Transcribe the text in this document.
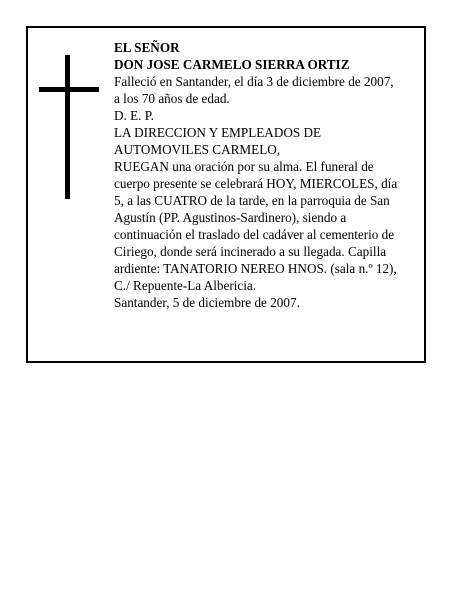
EL SEÑOR
DON JOSE CARMELO SIERRA ORTIZ
Falleció en Santander, el día 3 de diciembre de 2007,
a los 70 años de edad.
D. E. P.
LA DIRECCION Y EMPLEADOS DE
AUTOMOVILES CARMELO,
RUEGAN una oración por su alma. El funeral de
cuerpo presente se celebrará HOY, MIERCOLES, día
5, a las CUATRO de la tarde, en la parroquia de San
Agustín (PP. Agustinos-Sardinero), siendo a
continuación el traslado del cadáver al cementerio de
Ciriego, donde será incinerado a su llegada. Capilla
ardiente: TANATORIO NEREO HNOS. (sala n.º 12),
C./ Repuente-La Albericia.
Santander, 5 de diciembre de 2007.
